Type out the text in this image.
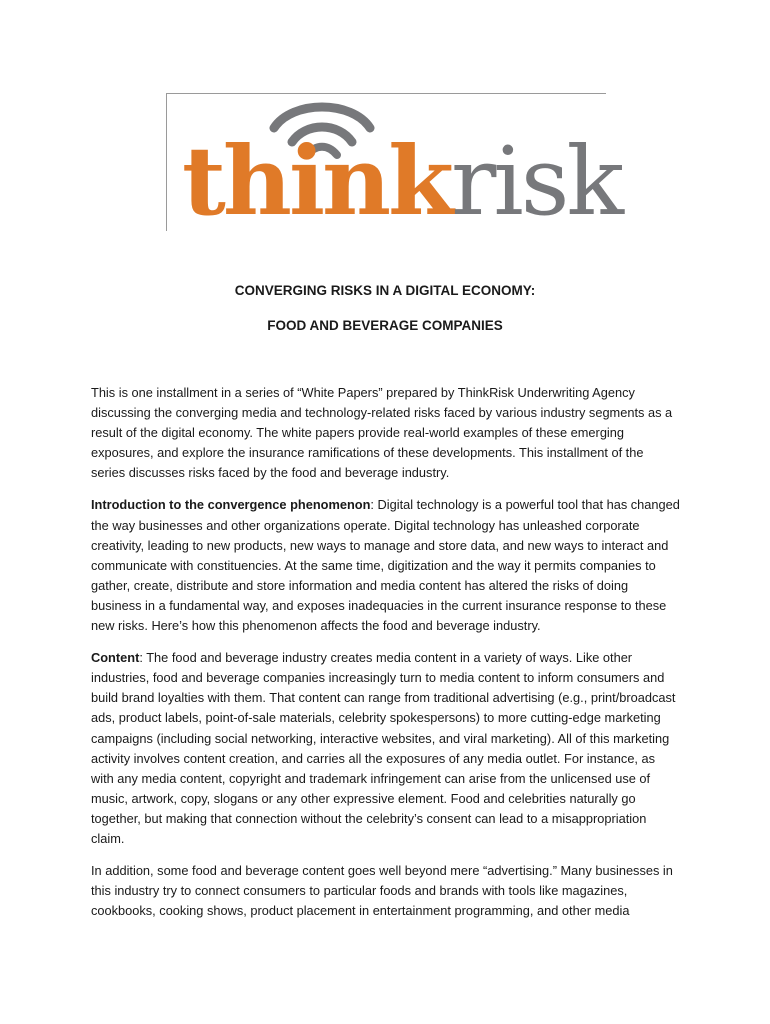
thinkrisk
CONVERGING RISKS IN A DIGITAL ECONOMY:
FOOD AND BEVERAGE COMPANIES

This is one installment in a series of “White Papers” prepared by ThinkRisk Underwriting Agency discussing the converging media and technology-related risks faced by various industry segments as a result of the digital economy. The white papers provide real-world examples of these emerging exposures, and explore the insurance ramifications of these developments. This installment of the series discusses risks faced by the food and beverage industry.

Introduction to the convergence phenomenon: Digital technology is a powerful tool that has changed the way businesses and other organizations operate. Digital technology has unleashed corporate creativity, leading to new products, new ways to manage and store data, and new ways to interact and communicate with constituencies. At the same time, digitization and the way it permits companies to gather, create, distribute and store information and media content has altered the risks of doing business in a fundamental way, and exposes inadequacies in the current insurance response to these new risks. Here’s how this phenomenon affects the food and beverage industry.

Content: The food and beverage industry creates media content in a variety of ways. Like other industries, food and beverage companies increasingly turn to media content to inform consumers and build brand loyalties with them. That content can range from traditional advertising (e.g., print/broadcast ads, product labels, point-of-sale materials, celebrity spokespersons) to more cutting-edge marketing campaigns (including social networking, interactive websites, and viral marketing). All of this marketing activity involves content creation, and carries all the exposures of any media outlet. For instance, as with any media content, copyright and trademark infringement can arise from the unlicensed use of music, artwork, copy, slogans or any other expressive element. Food and celebrities naturally go together, but making that connection without the celebrity’s consent can lead to a misappropriation claim.

In addition, some food and beverage content goes well beyond mere “advertising.” Many businesses in this industry try to connect consumers to particular foods and brands with tools like magazines, cookbooks, cooking shows, product placement in entertainment programming, and other media
